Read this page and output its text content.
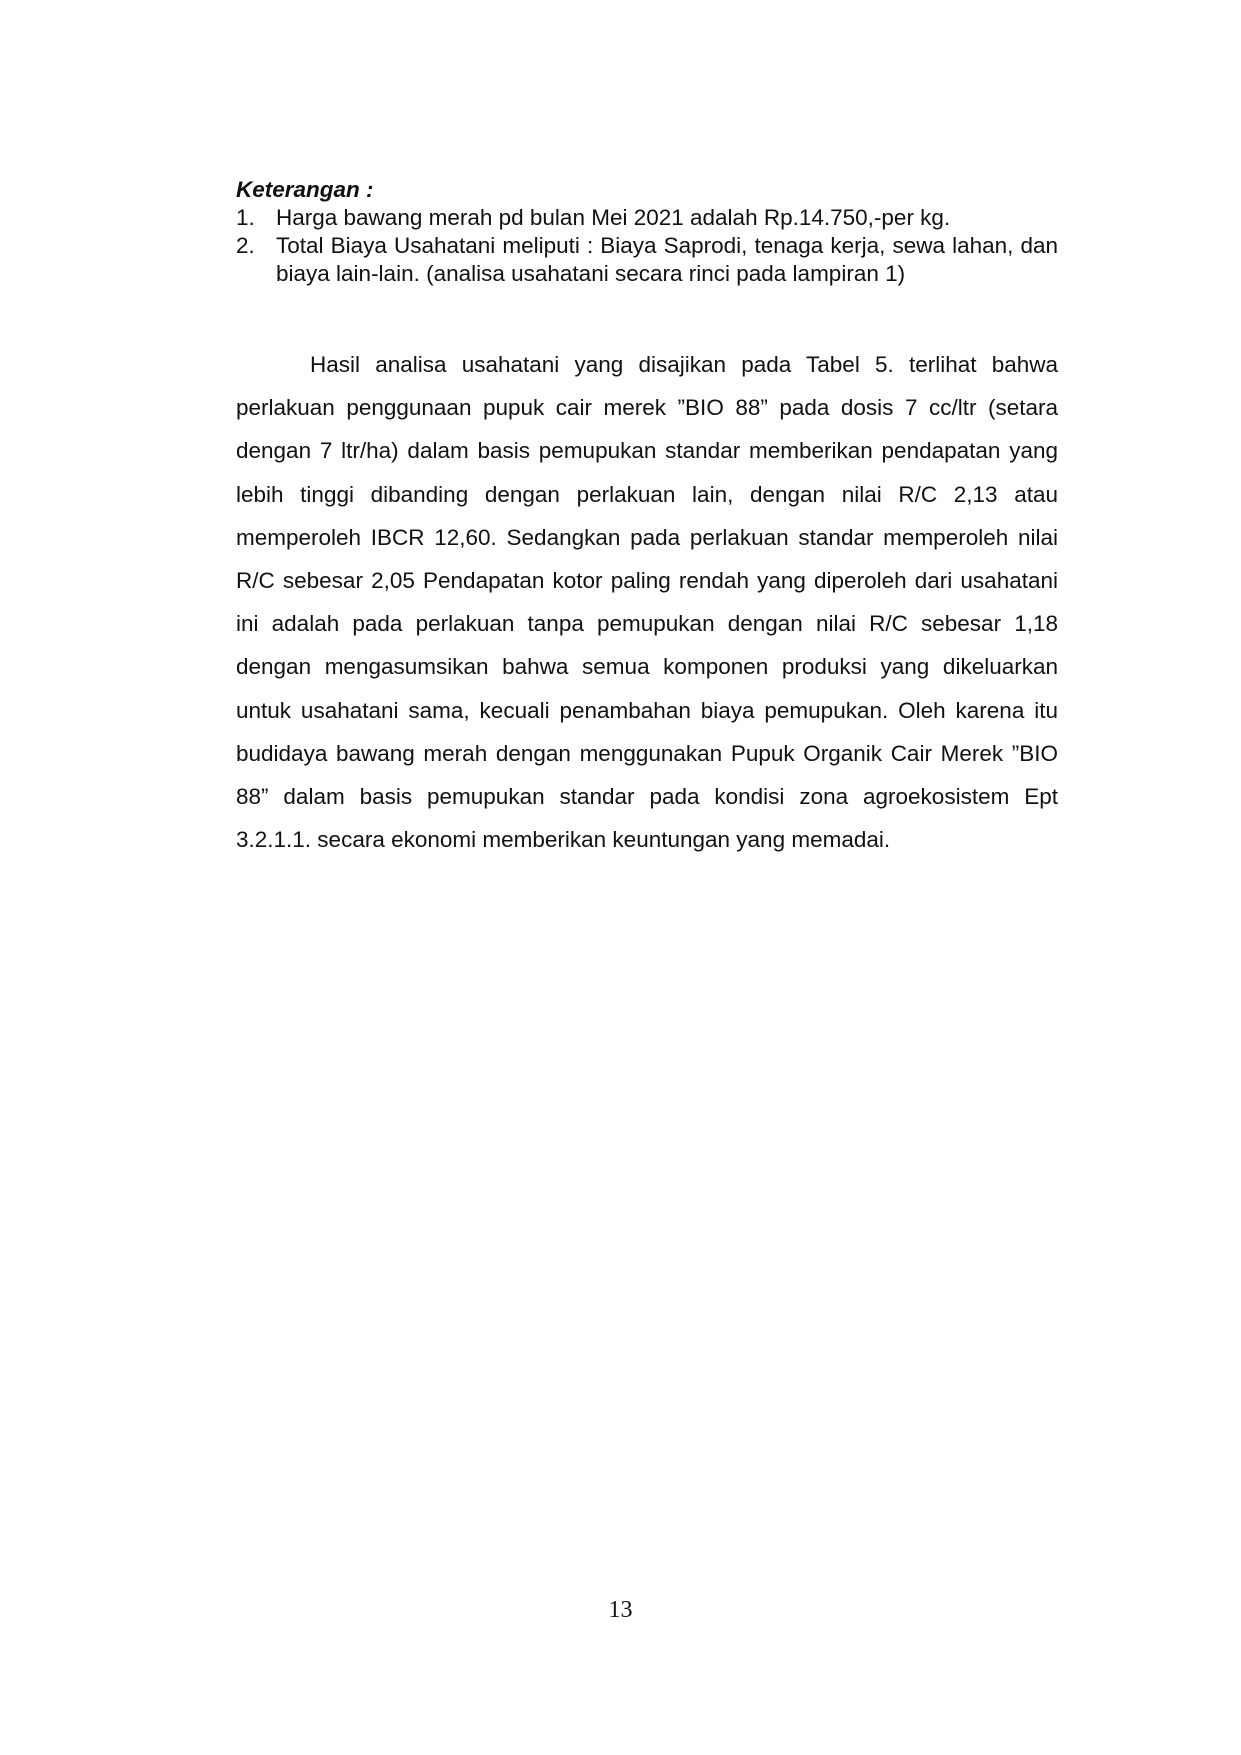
Keterangan :

1. Harga bawang merah pd bulan Mei 2021 adalah Rp.14.750,-per kg.
2. Total Biaya Usahatani meliputi : Biaya Saprodi, tenaga kerja, sewa lahan, dan biaya lain-lain. (analisa usahatani secara rinci pada lampiran 1)

Hasil analisa usahatani yang disajikan pada Tabel 5. terlihat bahwa perlakuan penggunaan pupuk cair merek ”BIO 88” pada dosis 7 cc/ltr (setara dengan 7 ltr/ha) dalam basis pemupukan standar memberikan pendapatan yang lebih tinggi dibanding dengan perlakuan lain, dengan nilai R/C 2,13 atau memperoleh IBCR 12,60. Sedangkan pada perlakuan standar memperoleh nilai R/C sebesar 2,05 Pendapatan kotor paling rendah yang diperoleh dari usahatani ini adalah pada perlakuan tanpa pemupukan dengan nilai R/C sebesar 1,18 dengan mengasumsikan bahwa semua komponen produksi yang dikeluarkan untuk usahatani sama, kecuali penambahan biaya pemupukan. Oleh karena itu budidaya bawang merah dengan menggunakan Pupuk Organik Cair Merek ”BIO 88” dalam basis pemupukan standar pada kondisi zona agroekosistem Ept 3.2.1.1. secara ekonomi memberikan keuntungan yang memadai.

13
